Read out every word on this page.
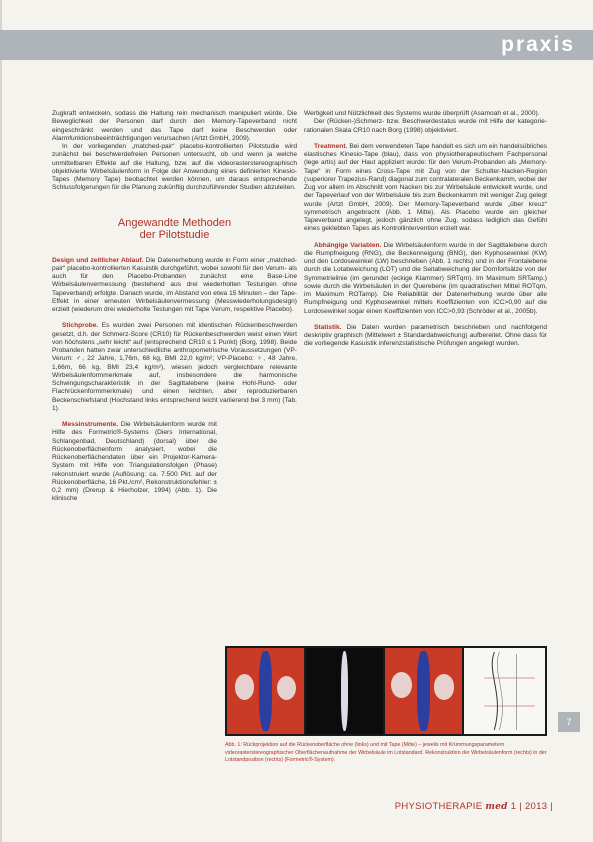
praxis

Zugkraft entwickeln, sodass die Haltung rein mechanisch manipuliert würde. Die Beweglichkeit der Personen darf durch den Memory-Tapeverband nicht eingeschränkt werden und das Tape darf keine Beschwerden oder Alarmfunktionsbeeinträchtigungen verursachen (Artzt GmbH, 2009).

In der vorliegenden „matched-pair“ placebo-kontrollierten Pilotstudie wird zunächst bei beschwerdefreien Personen untersucht, ob und wenn ja welche unmittelbaren Effekte auf die Haltung, bzw. auf die videorasterstereographisch objektivierte Wirbelsäulenform in Folge der Anwendung eines definierten Kinesio-Tapes (Memory Tape) beobachtet werden können, um daraus entsprechende Schlussfolgerungen für die Planung zukünftig durchzuführender Studien abzuleiten.

Angewandte Methoden
der Pilotstudie

Design und zeitlicher Ablauf. Die Datenerhebung wurde in Form einer „matched-pair“ placebo-kontrollierten Kasuistik durchgeführt, wobei sowohl für den Verum- als auch für den Placebo-Probanden zunächst eine Base-Line Wirbelsäulenvermessung (bestehend aus drei wiederholten Testungen ohne Tapeverband) erfolgte. Danach wurde, im Abstand von etwa 15 Minuten – der Tape-Effekt in einer erneuten Wirbelsäulenvermessung (Messwiederholungsdesign) erzielt (wiederum drei wiederholte Testungen mit Tape Verum, respektive Placebo).

Stichprobe. Es wurden zwei Personen mit identischen Rückenbeschwerden gesetzt, d.h. der Schmerz-Score (CR10) für Rückenbeschwerden weist einen Wert von höchstens „sehr leicht“ auf (entsprechend CR10 ≤ 1 Punkt) (Borg, 1998). Beide Probanden hatten zwar unterschiedliche anthropometrische Voraussetzungen (VP-Verum: ♂, 22 Jahre, 1,76m, 68 kg, BMI 22,0 kg/m²; VP-Placebo: ♀, 48 Jahre, 1,66m, 66 kg, BMI 23,4 kg/m²), wiesen jedoch vergleichbare relevante Wirbelsäulenformmerkmale auf, insbesondere die harmonische Schwingungscharakteristik in der Sagittalebene (keine Hohl-Rund- oder Flachrückenformmerkmale) und einen leichten, aber reproduzierbaren Beckenschiefstand (Hochstand links entsprechend leicht variierend bei 3 mm) (Tab. 1).

Messinstrumente. Die Wirbelsäulenform wurde mit Hilfe des Formetric®-Systems (Diers International, Schlangenbad, Deutschland) (dorsal) über die Rückenoberflächenform analysiert, wobei die Rückenoberflächendaten über ein Projektor-Kamera-System mit Hilfe von Triangulationsfolgen (Phase) rekonstruiert wurde (Auflösung: ca. 7.500 Pkt. auf der Rückenoberfläche, 16 Pkt./cm², Rekonstruktionsfehler: ± 0,2 mm) (Drerup & Hierholzer, 1994) (Abb. 1). Die klinische

Wertigkeit und Nützlichkeit des Systems wurde überprüft (Asamoah et al., 2000).

Der (Rücken-)Schmerz- bzw. Beschwerdestatus wurde mit Hilfe der kategorie-rationalen Skala CR10 nach Borg (1998) objektiviert.

Treatment. Bei dem verwendeten Tape handelt es sich um ein handelsübliches elastisches Kinesio-Tape (blau), dass von physiotherapeutischem Fachpersonal (lege artis) auf der Haut appliziert wurde: für den Verum-Probanden als „Memory-Tape“ in Form eines Cross-Tape mit Zug von der Schulter-Nacken-Region (superiorer Trapezius-Rand) diagonal zum contralateralen Beckenkamm, wobei der Zug vor allem im Abschnitt vom Nacken bis zur Wirbelsäule entwickelt wurde, und der Tapeverlauf von der Wirbelsäule bis zum Beckenkamm mit weniger Zug gelegt wurde (Artzt GmbH, 2009). Der Memory-Tapeverband wurde „über kreuz“ symmetrisch angebracht (Abb. 1 Mitte). Als Placebo wurde ein gleicher Tapeverband angelegt, jedoch gänzlich ohne Zug, sodass lediglich das Gefühl eines geklebten Tapes als Kontrollintervention erzielt war.

Abhängige Variablen. Die Wirbelsäulenform wurde in der Sagittalebene durch die Rumpfneigung (RNG), die Beckenneigung (BNG), den Kyphosewinkel (KW) und den Lordosewinkel (LW) beschrieben (Abb. 1 rechts) und in der Frontalebene durch die Lotabweichung (LOT) und die Seitabweichung der Dornfortsätze von der Symmetrielinie (im gerundet (eckige Klammer) SRTqm). Im Maximum SRTamp.) sowie durch die Wirbelsäulen in der Querebene (im quadratischen Mittel ROTqm, im Maximum ROTamp). Die Reliabilität der Datenerhebung wurde über alle Rumpfneigung und Kyphosewinkel mittels Koeffizienten von ICC>0,90 auf die Lordosewinkel sogar einen Koeffizienten von ICC>0,93 (Schröder et al., 2005b).

Statistik. Die Daten wurden parametrisch beschrieben und nachfolgend deskriptiv graphisch (Mittelwert ± Standardabweichung) aufbereitet. Ohne dass für die vorliegende Kasuistik inferenzstatistische Prüfungen angelegt wurden.

Abb. 1: Rückprojektion auf die Rückenoberfläche ohne (links) und mit Tape (Mitte) – jeweils mit Krümmungsparametern videorasterstereographischer Oberflächenaufnahme der Wirbelsäule im Lotstandard. Rekonstruktion der Wirbelsäulenform (rechts) in der Lotstandposition (rechts) (Formetric®-System).
7
PHYSIOTHERAPIE med 1 | 2013 |
